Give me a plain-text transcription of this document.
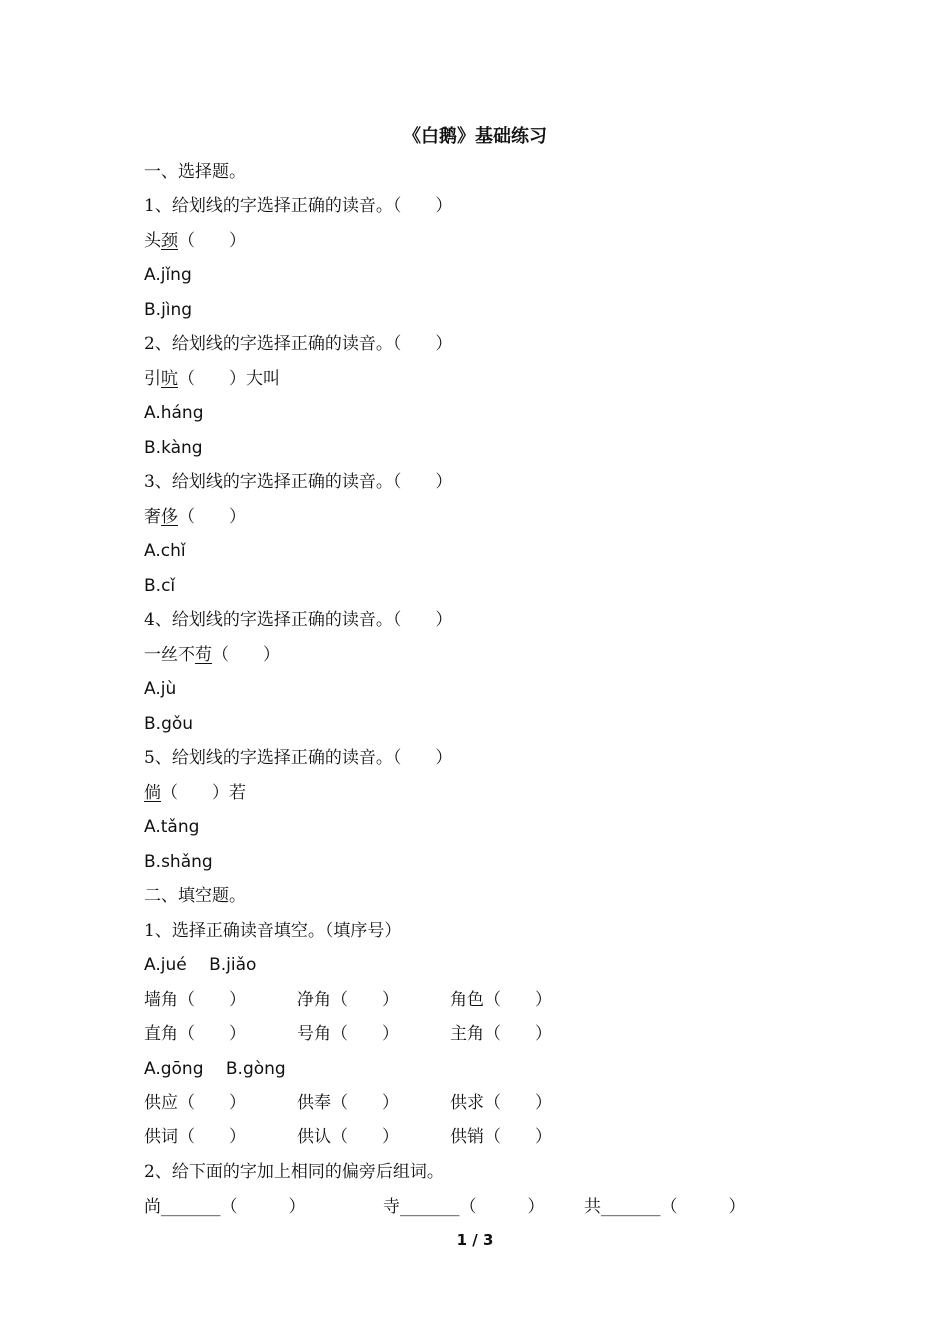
《白鹅》基础练习
一、选择题。
1、给划线的字选择正确的读音。（　　）
头颈（　　）
A.jǐng
B.jìng
2、给划线的字选择正确的读音。（　　）
引吭（　　）大叫
A.háng
B.kàng
3、给划线的字选择正确的读音。（　　）
奢侈（　　）
A.chǐ
B.cǐ
4、给划线的字选择正确的读音。（　　）
一丝不苟（　　）
A.jù
B.gǒu
5、给划线的字选择正确的读音。（　　）
倘（　　）若
A.tǎng
B.shǎng
二、填空题。
1、选择正确读音填空。（填序号）
A.jué　 B.jiǎo
墙角（　　）	净角（　　）	角色（　　）
直角（　　）	号角（　　）	主角（　　）
A.gōng　 B.gòng
供应（　　）	供奉（　　）	供求（　　）
供词（　　）	供认（　　）	供销（　　）
2、给下面的字加上相同的偏旁后组词。
尚_______（　　　）	寺_______（　　　） 共_______（　　　）
1 / 3
